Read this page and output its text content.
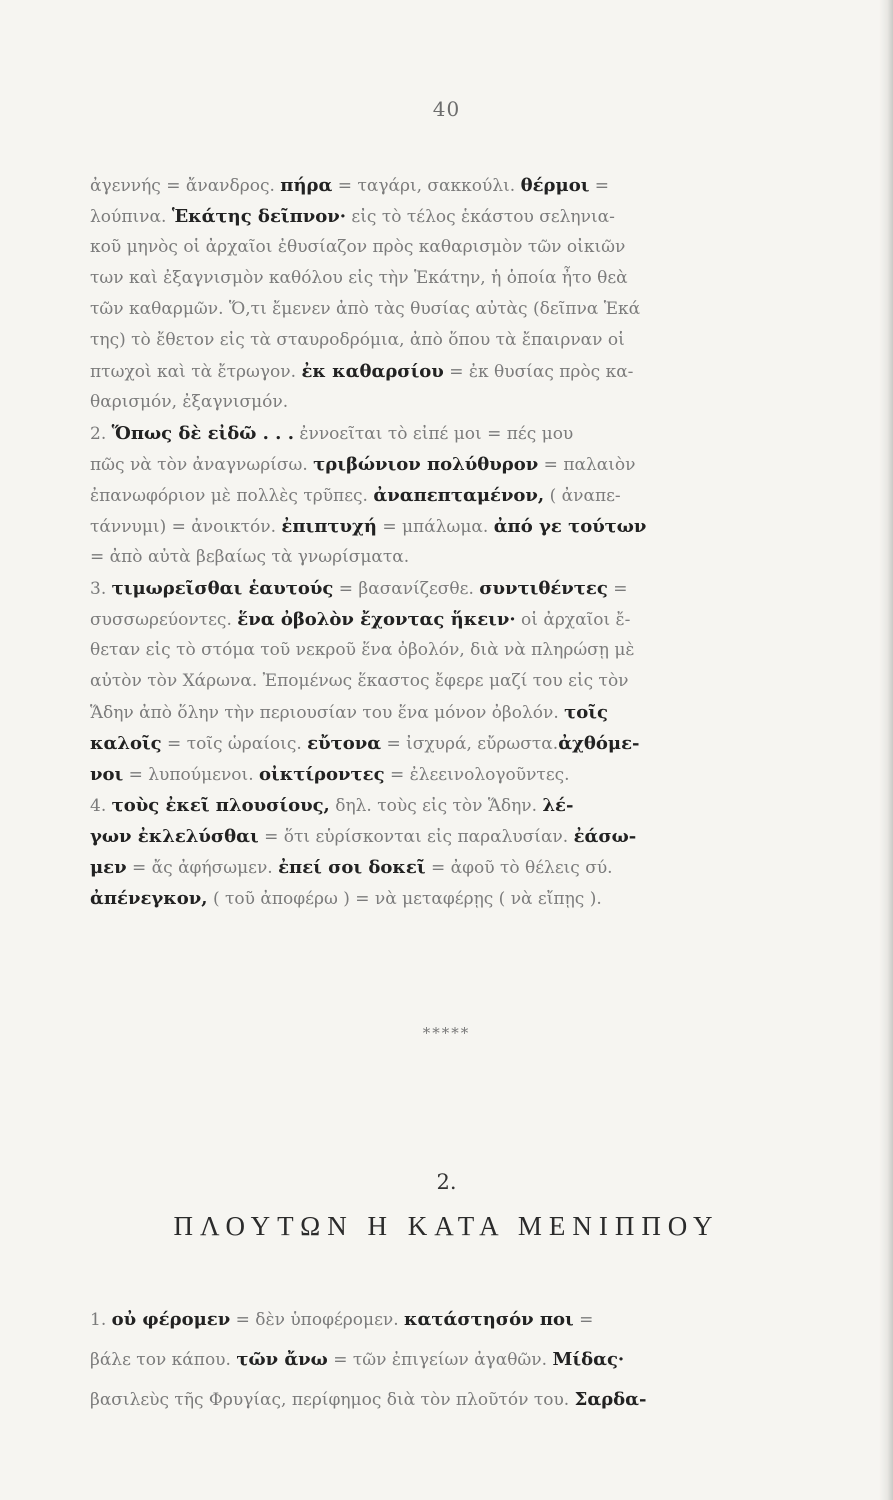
40
ἀγεννής = ἄνανδρος. πήρα = ταγάρι, σακκούλι. θέρμοι =
λούπινα. Ἑκάτης δεῖπνον· εἰς τὸ τέλος ἑκάστου σεληνια-
κοῦ μηνὸς οἱ ἀρχαῖοι ἐθυσίαζον πρὸς καθαρισμὸν τῶν οἰκιῶν
των καὶ ἐξαγνισμὸν καθόλου εἰς τὴν Ἑκάτην, ἡ ὁποία ἦτο θεὰ
τῶν καθαρμῶν. Ὅ,τι ἔμενεν ἀπὸ τὰς θυσίας αὐτὰς (δεῖπνα Ἑκά
της) τὸ ἔθετον εἰς τὰ σταυροδρόμια, ἀπὸ ὅπου τὰ ἔπαιρναν οἱ
πτωχοὶ καὶ τὰ ἔτρωγον. ἐκ καθαρσίου = ἐκ θυσίας πρὸς κα-
θαρισμόν, ἐξαγνισμόν.
2. Ὅπως δὲ εἰδῶ . . . ἐννοεῖται τὸ εἰπέ μοι = πές μου
πῶς νὰ τὸν ἀναγνωρίσω. τριβώνιον πολύθυρον = παλαιὸν
ἐπανωφόριον μὲ πολλὲς τρῦπες. ἀναπεπταμένον, ( ἀναπε-
τάννυμι) = ἀνοικτόν. ἐπιπτυχή = μπάλωμα. ἀπό γε τούτων
= ἀπὸ αὐτὰ βεβαίως τὰ γνωρίσματα.
3. τιμωρεῖσθαι ἑαυτούς = βασανίζεσθε. συντιθέντες =
συσσωρεύοντες. ἕνα ὀβολὸν ἔχοντας ἥκειν· οἱ ἀρχαῖοι ἔ-
θεταν εἰς τὸ στόμα τοῦ νεκροῦ ἕνα ὀβολόν, διὰ νὰ πληρώσῃ μὲ
αὐτὸν τὸν Χάρωνα. Ἐπομένως ἕκαστος ἔφερε μαζί του εἰς τὸν
Ἅδην ἀπὸ ὅλην τὴν περιουσίαν του ἕνα μόνον ὀβολόν. τοῖς
καλοῖς = τοῖς ὡραίοις. εὔτονα = ἰσχυρά, εὔρωστα.ἀχθόμε-
νοι = λυπούμενοι. οἰκτίροντες = ἐλεεινολογοῦντες.
4. τοὺς ἐκεῖ πλουσίους, δηλ. τοὺς εἰς τὸν Ἅδην. λέ-
γων ἐκλελύσθαι = ὅτι εὑρίσκονται εἰς παραλυσίαν. ἐάσω-
μεν = ἄς ἀφήσωμεν. ἐπεί σοι δοκεῖ = ἀφοῦ τὸ θέλεις σύ.
ἀπένεγκον, ( τοῦ ἀποφέρω ) = νὰ μεταφέρῃς ( νὰ εἴπῃς ).
*****
2.
ΠΛΟΥΤΩΝ Η ΚΑΤΑ ΜΕΝΙΠΠΟΥ
1. οὐ φέρομεν = δὲν ὑποφέρομεν. κατάστησόν ποι =
βάλε τον κάπου. τῶν ἄνω = τῶν ἐπιγείων ἀγαθῶν. Μίδας·
βασιλεὺς τῆς Φρυγίας, περίφημος διὰ τὸν πλοῦτόν του. Σαρδα-
